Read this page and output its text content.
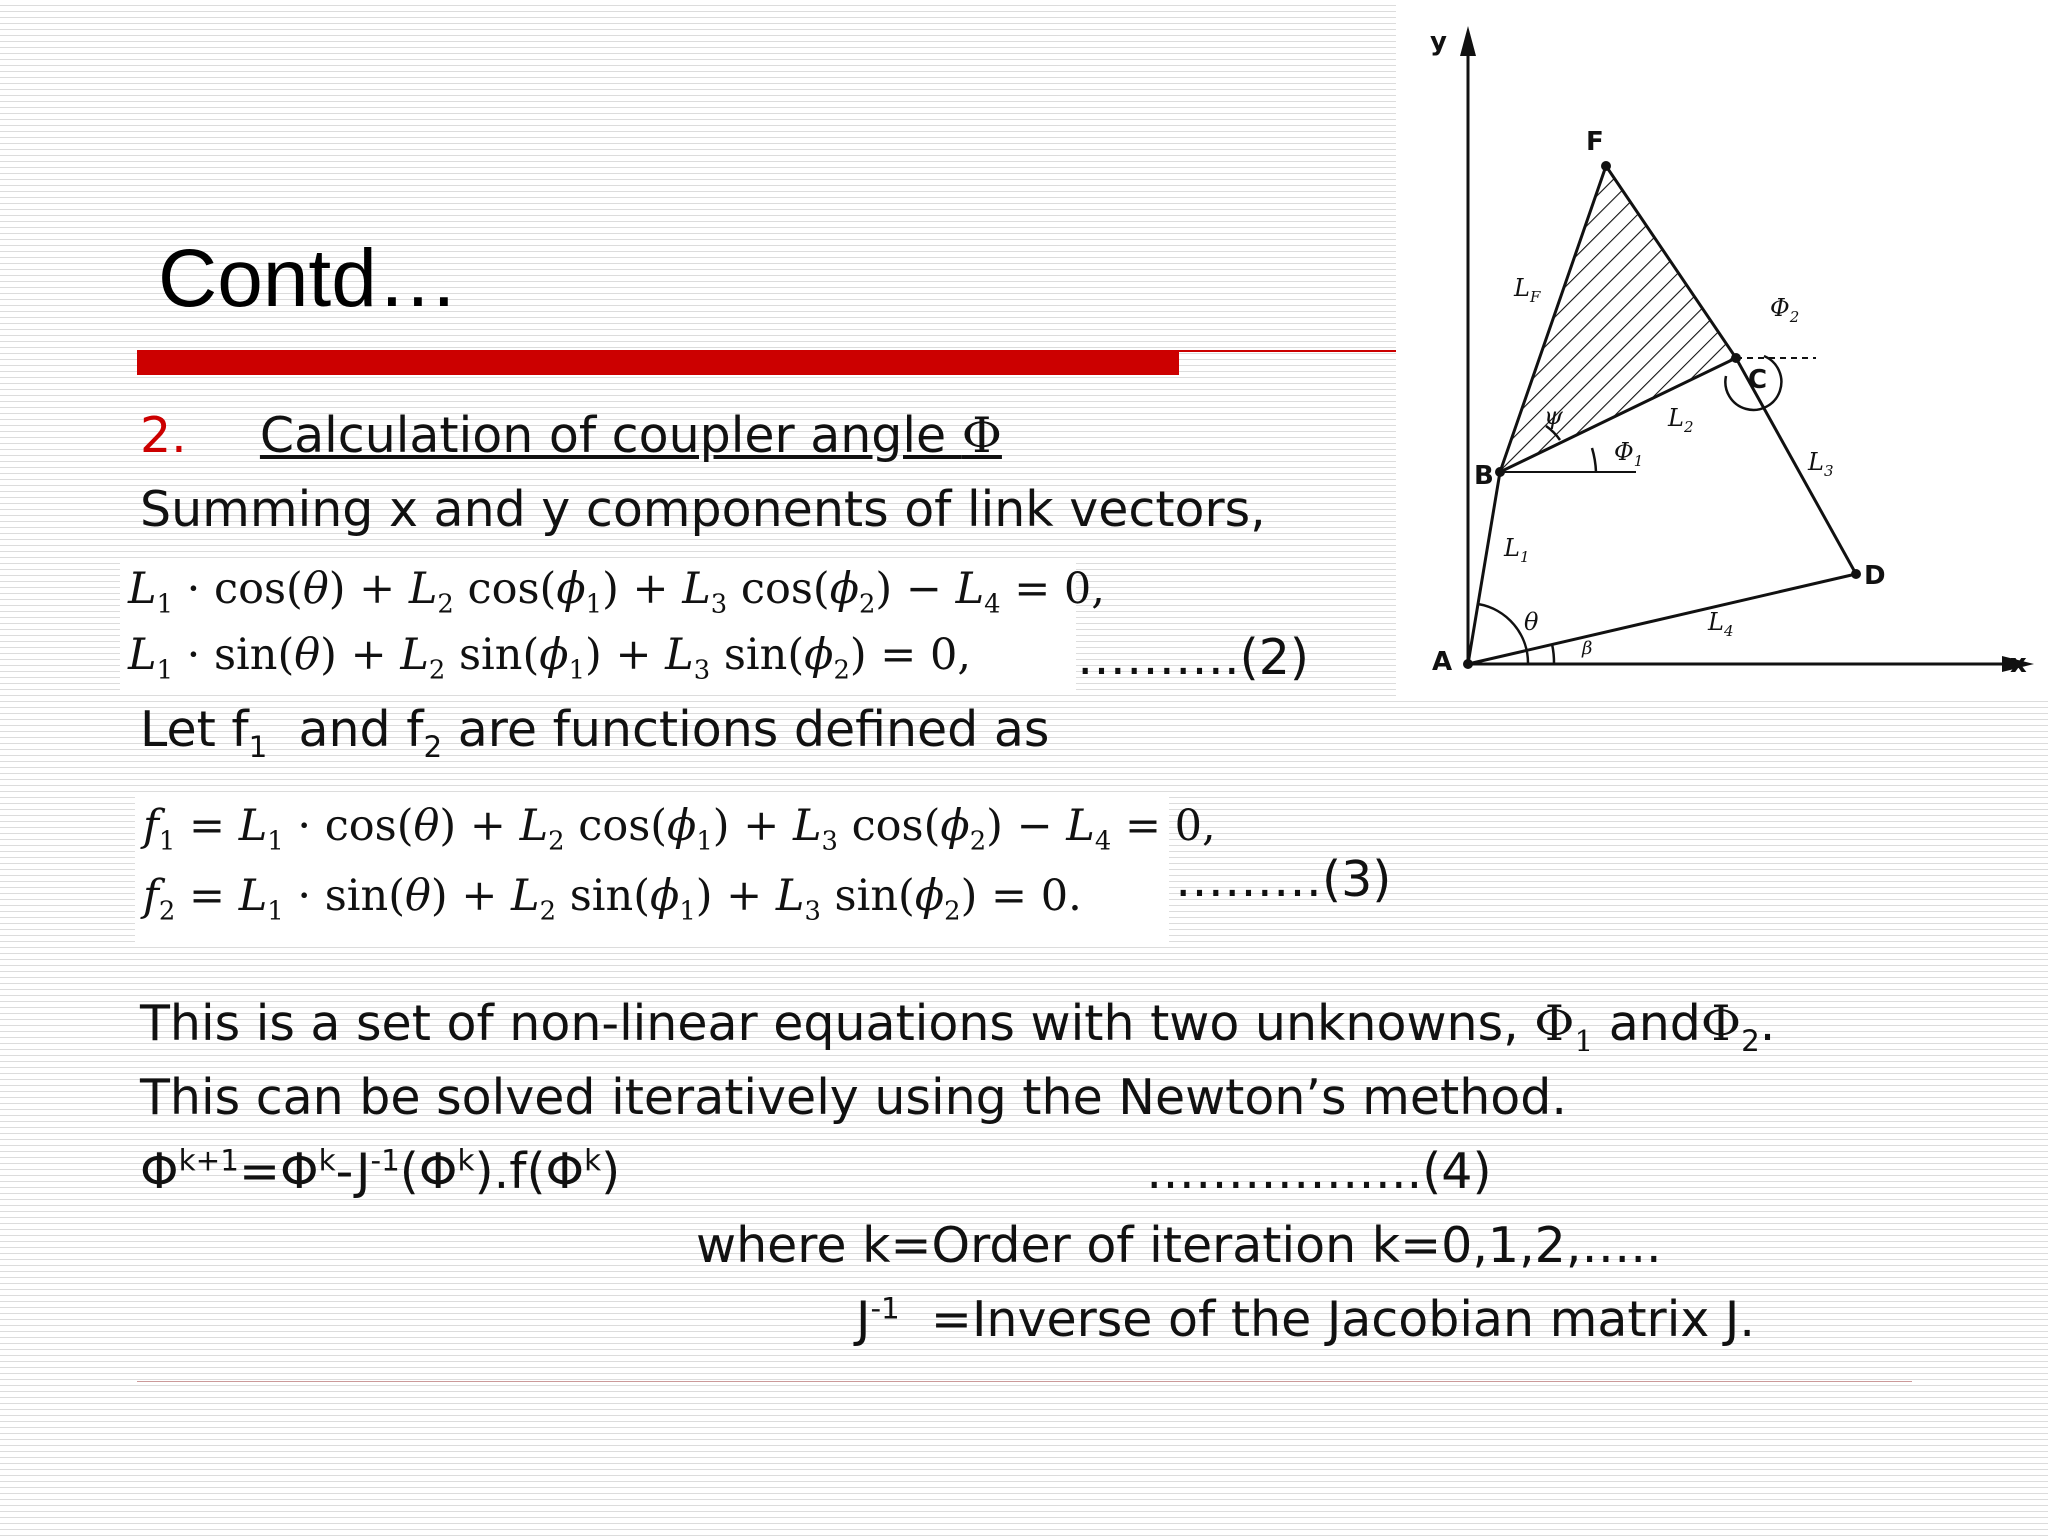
Contd…
2. Calculation of coupler angle Φ
Summing x and y components of link vectors,
$L_1 \cdot \cos(\theta) + L_2$ $\cos(\phi_1) + L_3$ $\cos(\phi_2) - L_4 = 0$,
$L_1 \cdot \sin(\theta) + L_2$ $\sin(\phi_1) + L_3$ $\sin(\phi_2) = 0$, ……….(2)
Let $f_1$  and $f_2$ are functions defined as
$f_1 = L_1 \cdot \cos(\theta) + L_2$ $\cos(\phi_1) + L_3$ $\cos(\phi_2) - L_4 = 0$,
$f_2 = L_1 \cdot \sin(\theta) + L_2$ $\sin(\phi_1) + L_3$ $\sin(\phi_2) = 0$. ………(3)
This is a set of non-linear equations with two unknowns, $\Phi_1$ andΦ$_2$.
This can be solved iteratively using the Newton’s method.
$\Phi^{k+1}=\Phi^k-J^{-1}(\Phi^k).f(\Phi^k)$	……………..(4)
where k=Order of iteration k=0,1,2,…..
$J^{-1}$  =Inverse of the Jacobian matrix J.
y
x
A
B
C
D
F
$L_1$
$L_2$
$L_3$
$L_4$
$L_F$
θ
β
ψ
$\Phi_1$
$\Phi_2$
